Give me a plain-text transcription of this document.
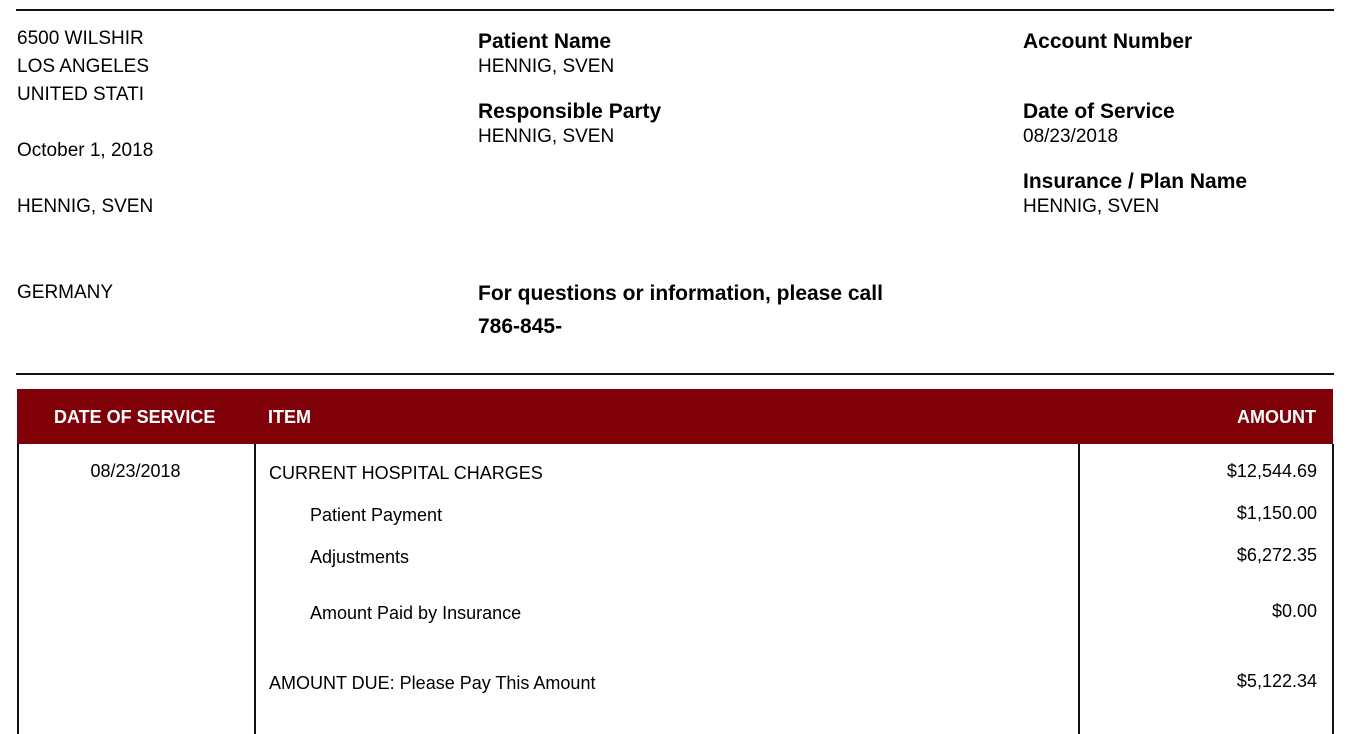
6500 WILSHIR
LOS ANGELES
UNITED STATI
October 1, 2018
HENNIG, SVEN
GERMANY
Patient Name
HENNIG, SVEN
Responsible Party
HENNIG, SVEN
For questions or information, please call
786-845-
Account Number
Date of Service
08/23/2018
Insurance / Plan Name
HENNIG, SVEN
DATE OF SERVICE	ITEM	AMOUNT
08/23/2018	CURRENT HOSPITAL CHARGES	$12,544.69
Patient Payment	$1,150.00
Adjustments	$6,272.35
Amount Paid by Insurance	$0.00
AMOUNT DUE: Please Pay This Amount	$5,122.34
